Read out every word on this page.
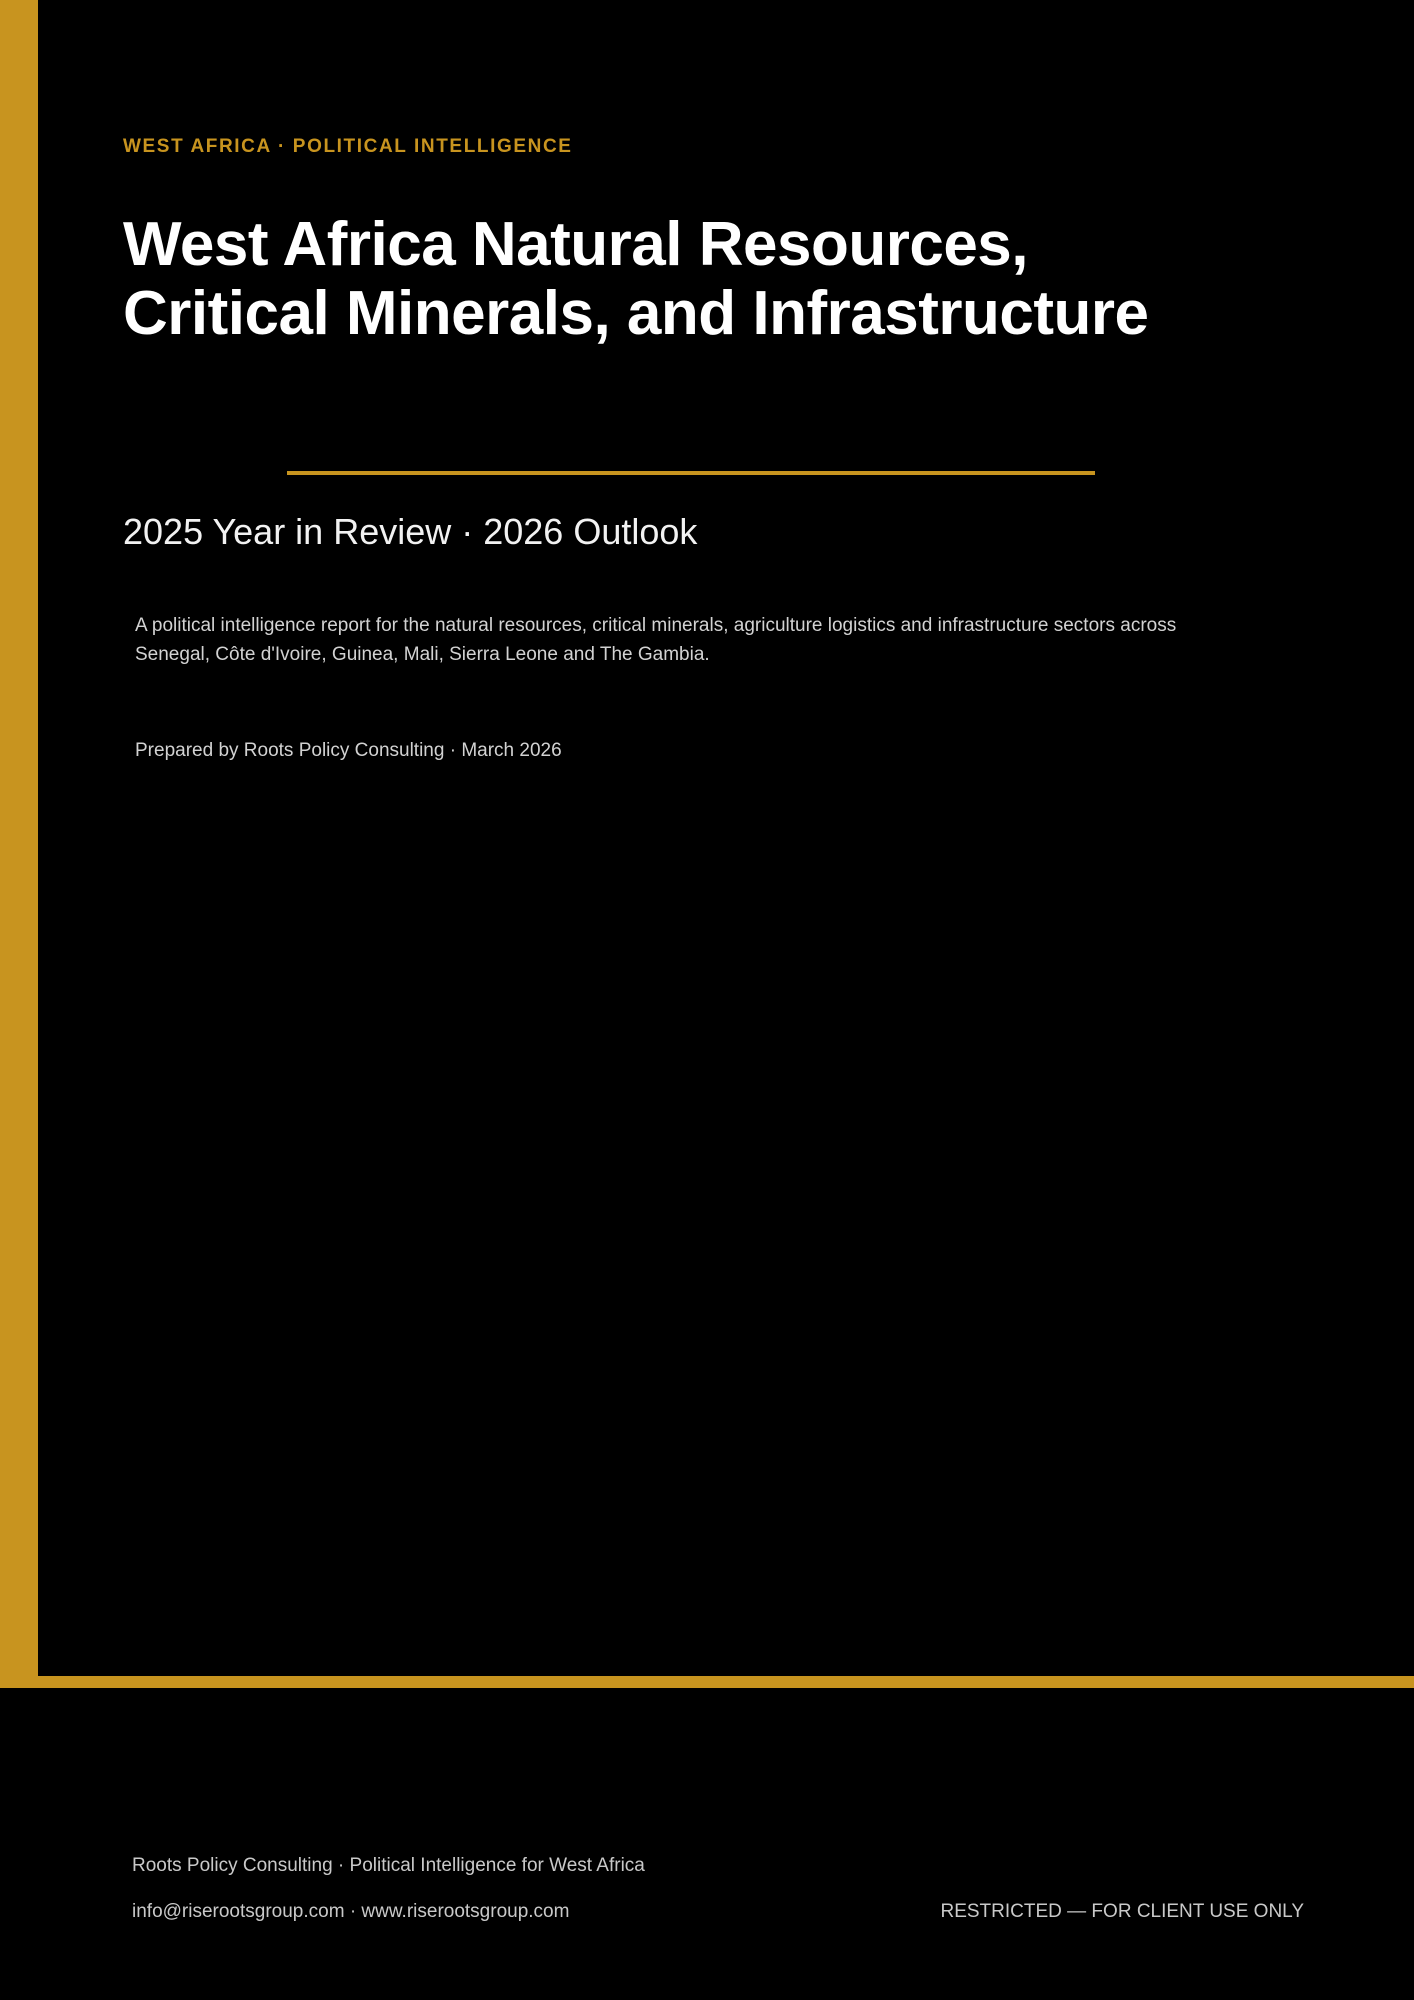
WEST AFRICA · POLITICAL INTELLIGENCE
West Africa Natural Resources, Critical Minerals, and Infrastructure
2025 Year in Review · 2026 Outlook

A political intelligence report for the natural resources, critical minerals, agriculture logistics and infrastructure sectors across Senegal, Côte d'Ivoire, Guinea, Mali, Sierra Leone and The Gambia.

Prepared by Roots Policy Consulting · March 2026
Roots Policy Consulting · Political Intelligence for West Africa
info@riserootsgroup.com · www.riserootsgroup.com	RESTRICTED — FOR CLIENT USE ONLY
